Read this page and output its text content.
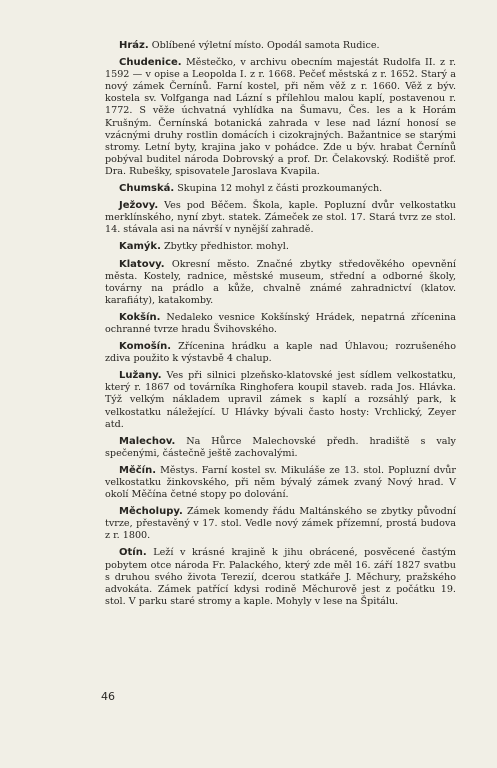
Hráz. Oblíbené výletní místo. Opodál samota Rudice.

Chudenice. Městečko, v archivu obecním majestát Rudolfa II. z r. 1592 — v opise a Leopolda I. z r. 1668. Pečeť městská z r. 1652. Starý a nový zámek Černínů. Farní kostel, při něm věž z r. 1660. Věž z býv. kostela sv. Volfganga nad Lázní s přílehlou malou kaplí, postavenou r. 1772. S věže úchvatná vyhlídka na Šumavu, Čes. les a k Horám Krušným. Černínská botanická zahrada v lese nad lázní honosí se vzácnými druhy rostlin domácích i cizokrajných. Bažantnice se starými stromy. Letní byty, krajina jako v pohádce. Zde u býv. hrabat Černínů pobýval buditel národa Dobrovský a prof. Dr. Čelakovský. Rodiště prof. Dra. Rubešky, spisovatele Jaroslava Kvapila.

Chumská. Skupina 12 mohyl z části prozkoumaných.

Ježovy. Ves pod Běčem. Škola, kaple. Popluzní dvůr velkostatku merklínského, nyní zbyt. statek. Zámeček ze stol. 17. Stará tvrz ze stol. 14. stávala asi na návrší v nynější zahradě.

Kamýk. Zbytky předhistor. mohyl.

Klatovy. Okresní město. Značné zbytky středověkého opevnění města. Kostely, radnice, městské museum, střední a odborné školy, továrny na prádlo a kůže, chvalně známé zahradnictví (klatov. karafiáty), katakomby.

Kokšín. Nedaleko vesnice Kokšínský Hrádek, nepatrná zřícenina ochranné tvrze hradu Švihovského.

Komošín. Zřícenina hrádku a kaple nad Úhlavou; rozrušeného zdiva použito k výstavbě 4 chalup.

Lužany. Ves při silnici plzeňsko-klatovské jest sídlem velkostatku, který r. 1867 od továrníka Ringhofera koupil staveb. rada Jos. Hlávka. Týž velkým nákladem upravil zámek s kaplí a rozsáhlý park, k velkostatku náležející. U Hlávky bývali často hosty: Vrchlický, Zeyer atd.

Malechov. Na Hůrce Malechovské předh. hradiště s valy spečenými, částečně ještě zachovalými.

Měčín. Městys. Farní kostel sv. Mikuláše ze 13. stol. Popluzní dvůr velkostatku žinkovského, při něm bývalý zámek zvaný Nový hrad. V okolí Měčína četné stopy po dolování.

Měcholupy. Zámek komendy řádu Maltánského se zbytky původní tvrze, přestavěný v 17. stol. Vedle nový zámek přízemní, prostá budova z r. 1800.

Otín. Leží v krásné krajině k jihu obrácené, posvěcené častým pobytem otce národa Fr. Palackého, který zde měl 16. září 1827 svatbu s druhou svého života Terezií, dcerou statkáře J. Měchury, pražského advokáta. Zámek patřící kdysi rodině Měchurově jest z počátku 19. stol. V parku staré stromy a kaple. Mohyly v lese na Špitálu.

46
